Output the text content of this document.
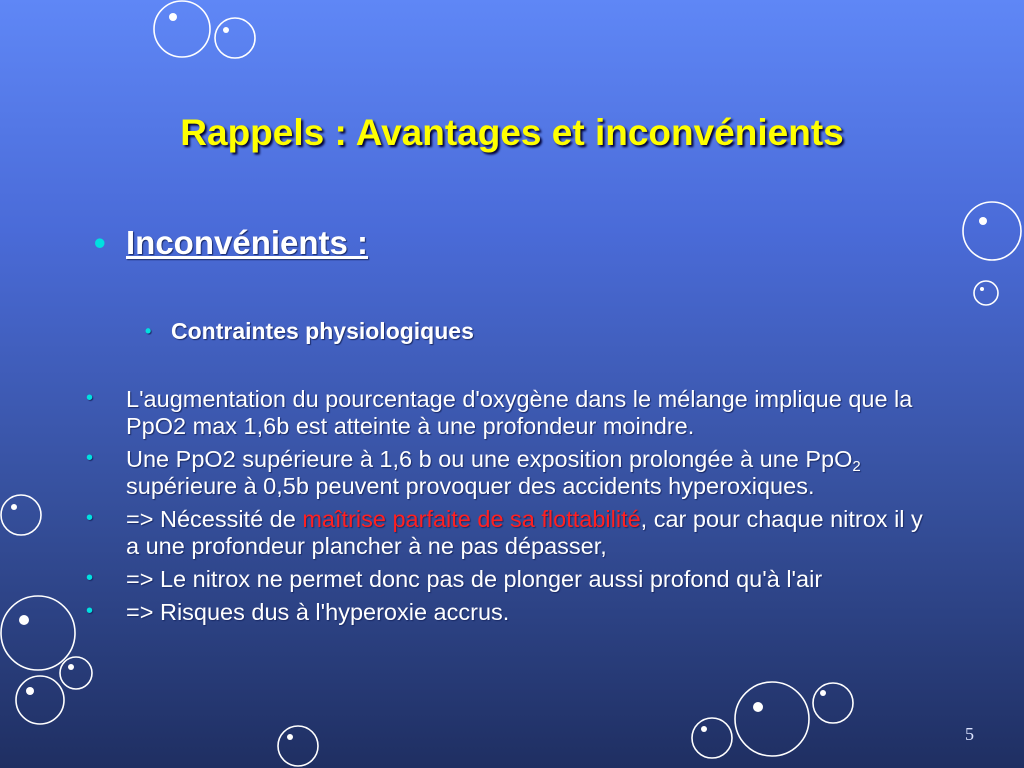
Rappels : Avantages et inconvénients
• Inconvénients :
• Contraintes physiologiques
• L'augmentation du pourcentage d'oxygène dans le mélange implique que la PpO2 max 1,6b est atteinte à une profondeur moindre.
• Une PpO2 supérieure à 1,6 b ou une exposition prolongée à une PpO$_2$ supérieure à 0,5b peuvent provoquer des accidents hyperoxiques.
• => Nécessité de maîtrise parfaite de sa flottabilité, car pour chaque nitrox il y a une profondeur plancher à ne pas dépasser,
• => Le nitrox ne permet donc pas de plonger aussi profond qu'à l'air
• => Risques dus à l'hyperoxie accrus.
5
